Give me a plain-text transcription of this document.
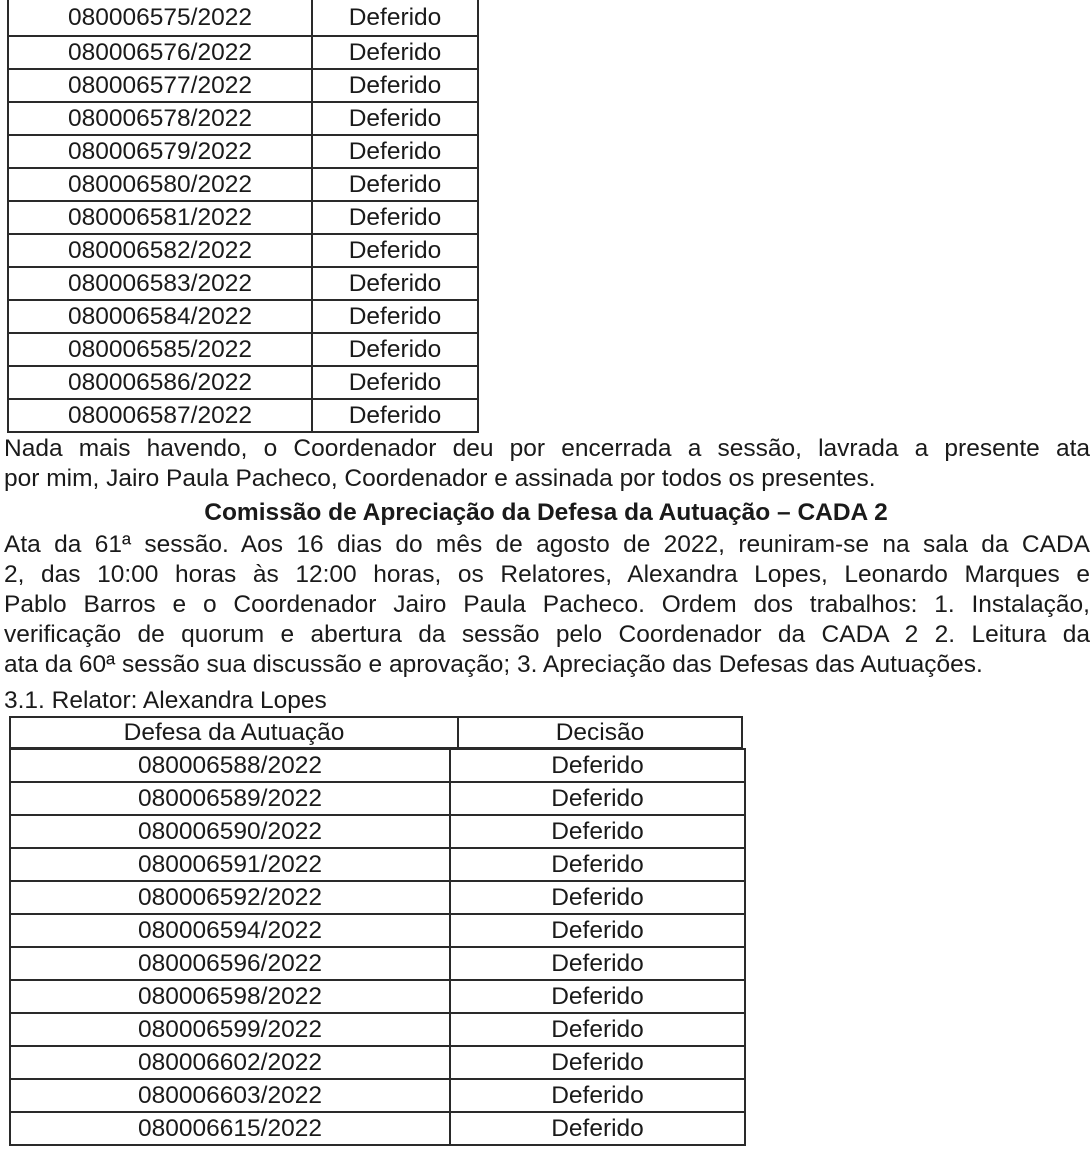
080006575/2022	Deferido
080006576/2022	Deferido
080006577/2022	Deferido
080006578/2022	Deferido
080006579/2022	Deferido
080006580/2022	Deferido
080006581/2022	Deferido
080006582/2022	Deferido
080006583/2022	Deferido
080006584/2022	Deferido
080006585/2022	Deferido
080006586/2022	Deferido
080006587/2022	Deferido
Nada mais havendo, o Coordenador deu por encerrada a sessão, lavrada a presente ata
por mim, Jairo Paula Pacheco, Coordenador e assinada por todos os presentes.
Comissão de Apreciação da Defesa da Autuação – CADA 2
Ata da 61ª sessão. Aos 16 dias do mês de agosto de 2022, reuniram-se na sala da CADA
2, das 10:00 horas às 12:00 horas, os Relatores, Alexandra Lopes, Leonardo Marques e
Pablo Barros e o Coordenador Jairo Paula Pacheco. Ordem dos trabalhos: 1. Instalação,
verificação de quorum e abertura da sessão pelo Coordenador da CADA 2 2. Leitura da
ata da 60ª sessão sua discussão e aprovação; 3. Apreciação das Defesas das Autuações.
3.1. Relator: Alexandra Lopes
Defesa da Autuação	Decisão
080006588/2022	Deferido
080006589/2022	Deferido
080006590/2022	Deferido
080006591/2022	Deferido
080006592/2022	Deferido
080006594/2022	Deferido
080006596/2022	Deferido
080006598/2022	Deferido
080006599/2022	Deferido
080006602/2022	Deferido
080006603/2022	Deferido
080006615/2022	Deferido
